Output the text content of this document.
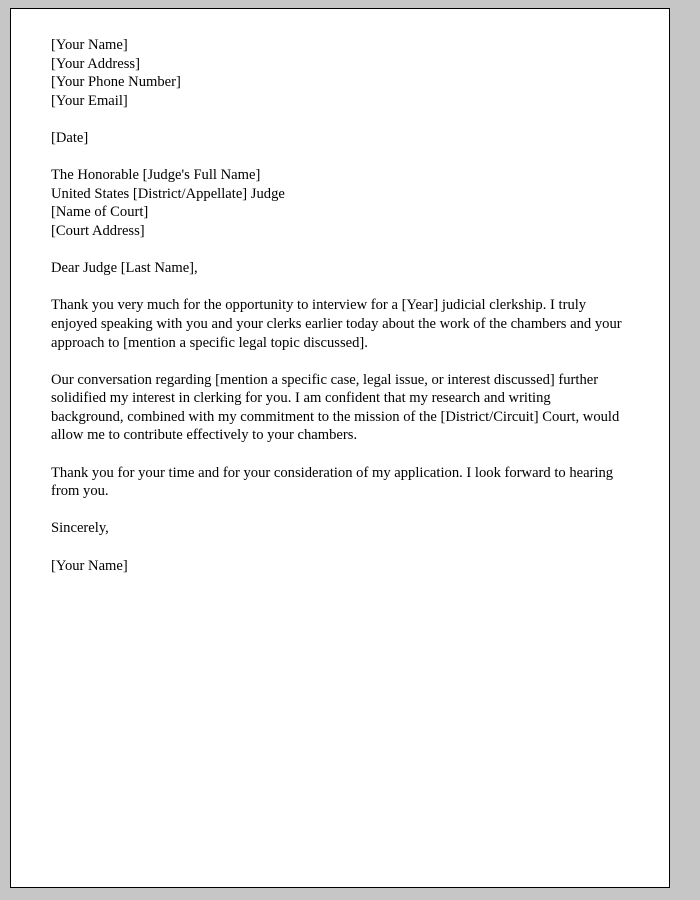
[Your Name]
[Your Address]
[Your Phone Number]
[Your Email]
[Date]
The Honorable [Judge's Full Name]
United States [District/Appellate] Judge
[Name of Court]
[Court Address]
Dear Judge [Last Name],

Thank you very much for the opportunity to interview for a [Year] judicial clerkship. I truly enjoyed speaking with you and your clerks earlier today about the work of the chambers and your approach to [mention a specific legal topic discussed].

Our conversation regarding [mention a specific case, legal issue, or interest discussed] further solidified my interest in clerking for you. I am confident that my research and writing background, combined with my commitment to the mission of the [District/Circuit] Court, would allow me to contribute effectively to your chambers.

Thank you for your time and for your consideration of my application. I look forward to hearing from you.

Sincerely,
[Your Name]
